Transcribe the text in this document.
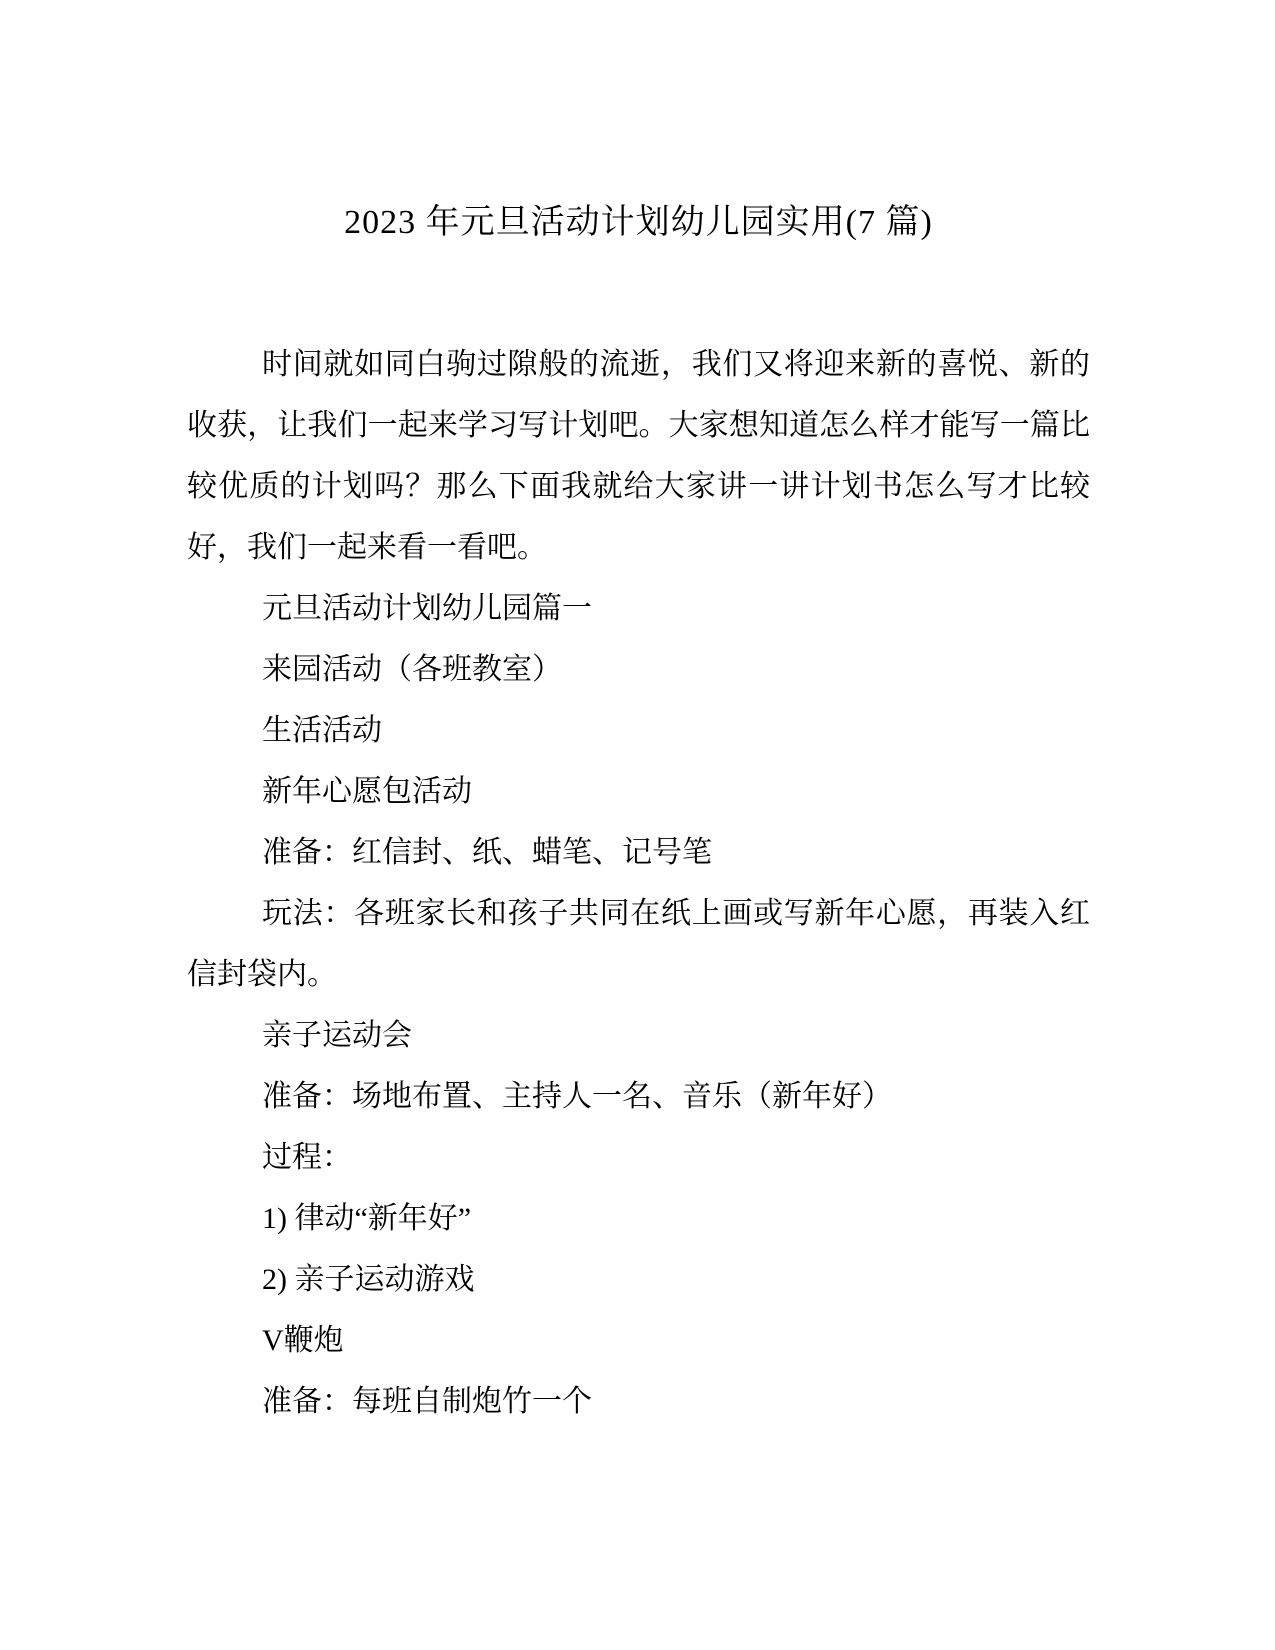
2023 年元旦活动计划幼儿园实用(7 篇)

时间就如同白驹过隙般的流逝，我们又将迎来新的喜悦、新的收获，让我们一起来学习写计划吧。大家想知道怎么样才能写一篇比较优质的计划吗？那么下面我就给大家讲一讲计划书怎么写才比较好，我们一起来看一看吧。

元旦活动计划幼儿园篇一

来园活动（各班教室）

生活活动

新年心愿包活动

准备：红信封、纸、蜡笔、记号笔

玩法：各班家长和孩子共同在纸上画或写新年心愿，再装入红信封袋内。

亲子运动会

准备：场地布置、主持人一名、音乐（新年好）

过程：

1) 律动“新年好”

2) 亲子运动游戏

V鞭炮

准备：每班自制炮竹一个
